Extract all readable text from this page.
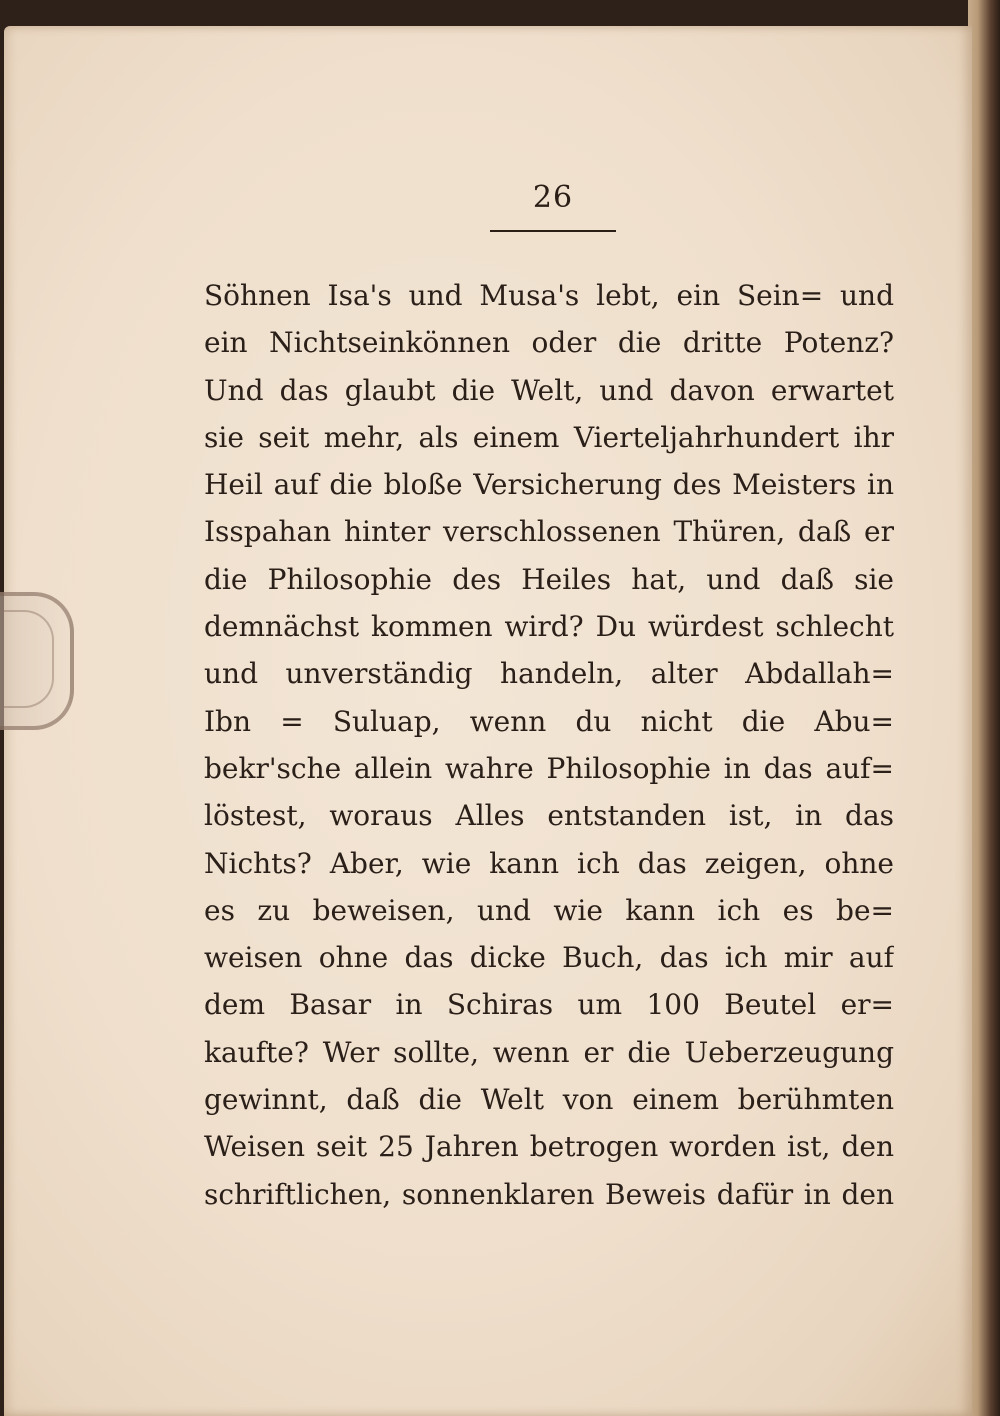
26
Söhnen Isa's und Musa's lebt, ein Sein= und
ein Nichtseinkönnen oder die dritte Potenz?
Und das glaubt die Welt, und davon erwartet
sie seit mehr, als einem Vierteljahrhundert ihr
Heil auf die bloße Versicherung des Meisters in
Isspahan hinter verschlossenen Thüren, daß er
die Philosophie des Heiles hat, und daß sie
demnächst kommen wird? Du würdest schlecht
und unverständig handeln, alter Abdallah=
Ibn = Suluap, wenn du nicht die Abu=
bekr'sche allein wahre Philosophie in das auf=
löstest, woraus Alles entstanden ist, in das
Nichts? Aber, wie kann ich das zeigen, ohne
es zu beweisen, und wie kann ich es be=
weisen ohne das dicke Buch, das ich mir auf
dem Basar in Schiras um 100 Beutel er=
kaufte? Wer sollte, wenn er die Ueberzeugung
gewinnt, daß die Welt von einem berühmten
Weisen seit 25 Jahren betrogen worden ist, den
schriftlichen, sonnenklaren Beweis dafür in den
